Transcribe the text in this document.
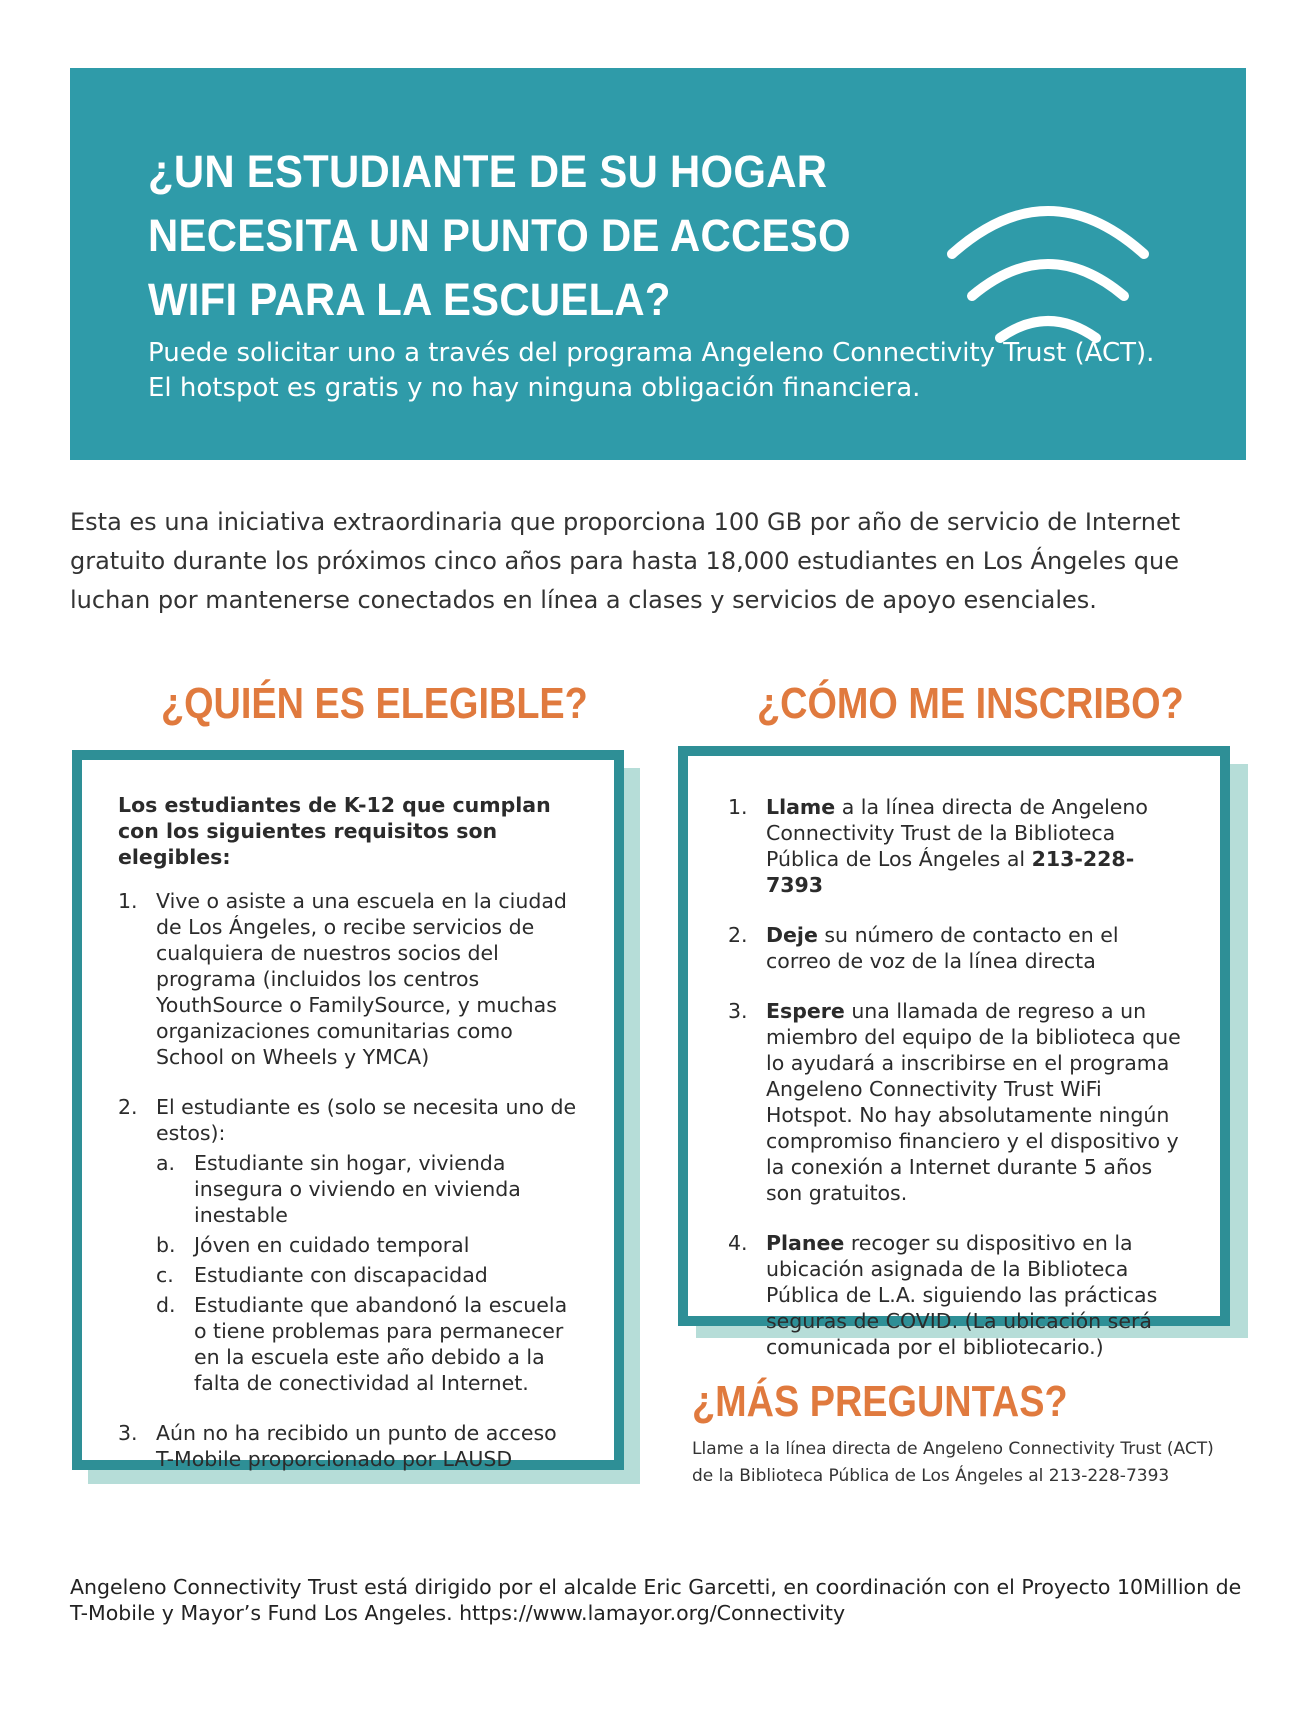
¿UN ESTUDIANTE DE SU HOGAR NECESITA UN PUNTO DE ACCESO WIFI PARA LA ESCUELA?

Puede solicitar uno a través del programa Angeleno Connectivity Trust (ACT).
El hotspot es gratis y no hay ninguna obligación financiera.

Esta es una iniciativa extraordinaria que proporciona 100 GB por año de servicio de Internet gratuito durante los próximos cinco años para hasta 18,000 estudiantes en Los Ángeles que luchan por mantenerse conectados en línea a clases y servicios de apoyo esenciales.

¿QUIÉN ES ELEGIBLE?

Los estudiantes de K-12 que cumplan con los siguientes requisitos son elegibles:

1. Vive o asiste a una escuela en la ciudad de Los Ángeles, o recibe servicios de cualquiera de nuestros socios del programa (incluidos los centros YouthSource o FamilySource, y muchas organizaciones comunitarias como School on Wheels y YMCA)
2. El estudiante es (solo se necesita uno de estos):
a. Estudiante sin hogar, vivienda insegura o viviendo en vivienda inestable
b. Jóven en cuidado temporal
c. Estudiante con discapacidad
d. Estudiante que abandonó la escuela o tiene problemas para permanecer en la escuela este año debido a la falta de conectividad al Internet.
3. Aún no ha recibido un punto de acceso T-Mobile proporcionado por LAUSD
¿CÓMO ME INSCRIBO?
1. Llame a la línea directa de Angeleno Connectivity Trust de la Biblioteca Pública de Los Ángeles al 213-228-7393
2. Deje su número de contacto en el correo de voz de la línea directa
3. Espere una llamada de regreso a un miembro del equipo de la biblioteca que lo ayudará a inscribirse en el programa Angeleno Connectivity Trust WiFi Hotspot. No hay absolutamente ningún compromiso financiero y el dispositivo y la conexión a Internet durante 5 años son gratuitos.
4. Planee recoger su dispositivo en la ubicación asignada de la Biblioteca Pública de L.A. siguiendo las prácticas seguras de COVID. (La ubicación será comunicada por el bibliotecario.)
¿MÁS PREGUNTAS?

Llame a la línea directa de Angeleno Connectivity Trust (ACT)
de la Biblioteca Pública de Los Ángeles al 213-228-7393

Angeleno Connectivity Trust está dirigido por el alcalde Eric Garcetti, en coordinación con el Proyecto 10Million de
T-Mobile y Mayor’s Fund Los Angeles. https://www.lamayor.org/Connectivity
